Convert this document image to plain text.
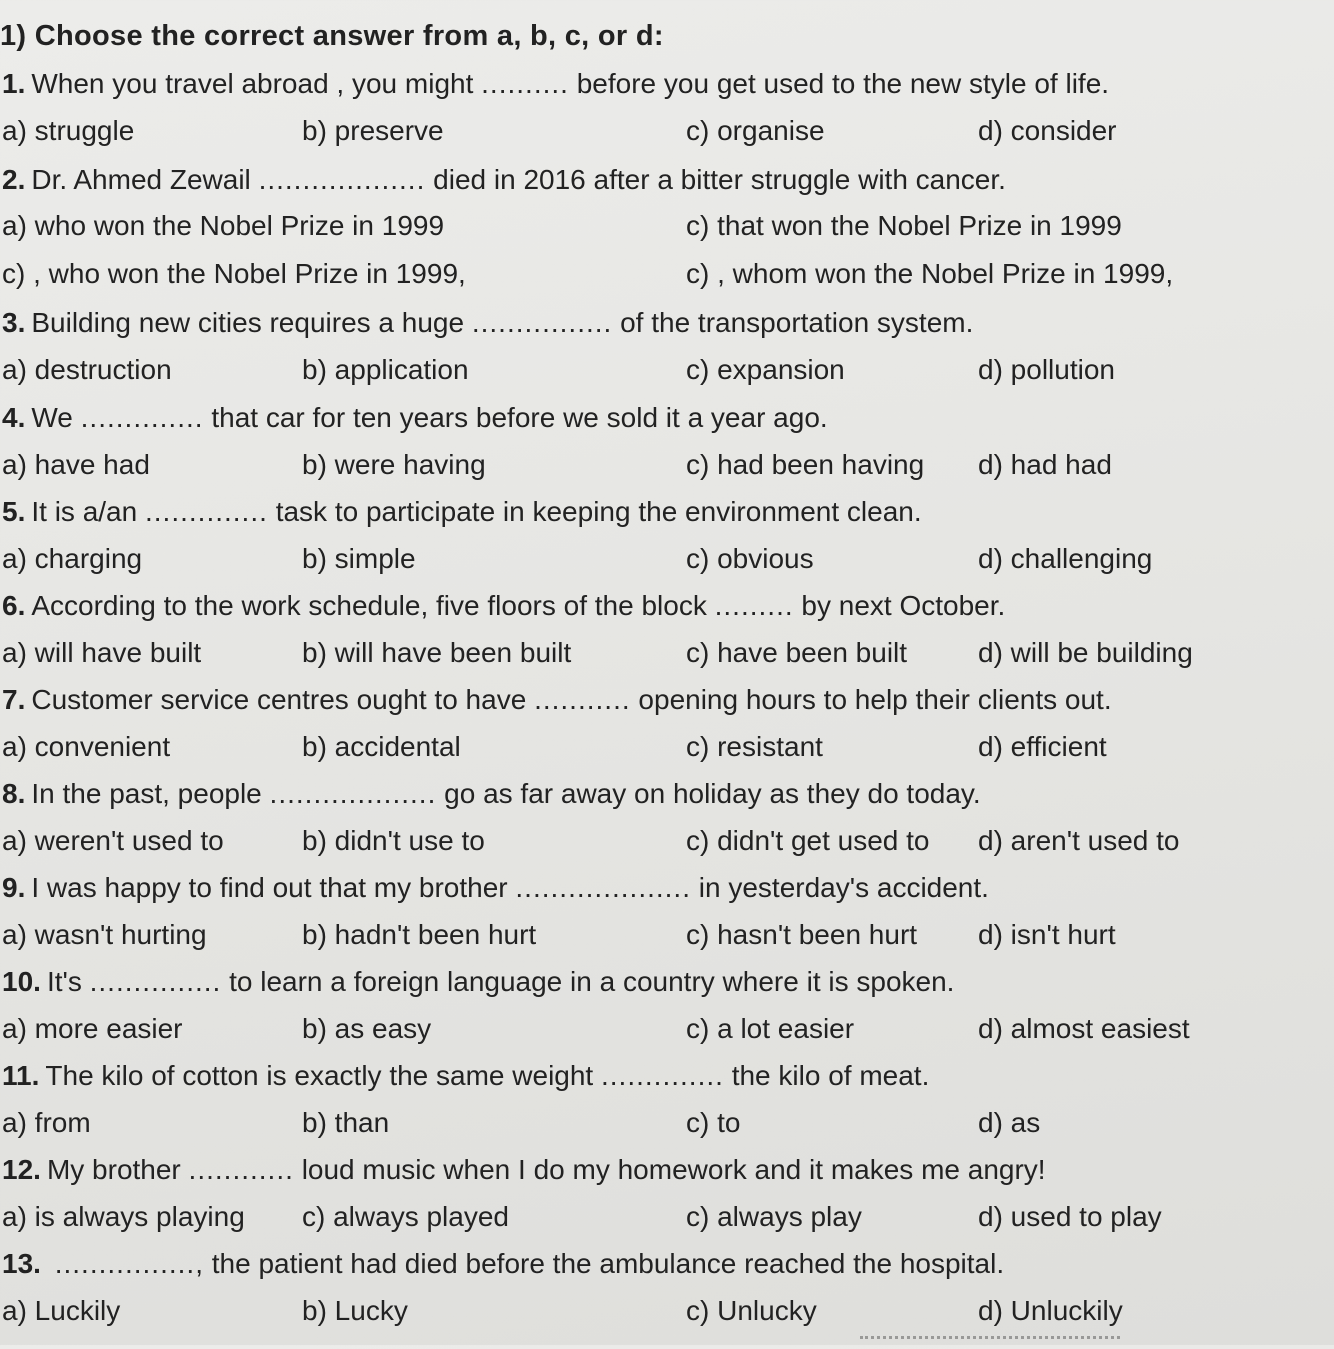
1) Choose the correct answer from a, b, c, or d:
1. When you travel abroad , you might .......... before you get used to the new style of life.
a) struggle	b) preserve	c) organise	d) consider
2. Dr. Ahmed Zewail ................... died in 2016 after a bitter struggle with cancer.
a) who won the Nobel Prize in 1999	c) that won the Nobel Prize in 1999
c) , who won the Nobel Prize in 1999,	c) , whom won the Nobel Prize in 1999,
3. Building new cities requires a huge ................ of the transportation system.
a) destruction	b) application	c) expansion	d) pollution
4. We .............. that car for ten years before we sold it a year ago.
a) have had	b) were having	c) had been having d) had had
5. It is a/an .............. task to participate in keeping the environment clean.
a) charging	b) simple	c) obvious	d) challenging
6. According to the work schedule, five floors of the block ......... by next October.
a) will have built	b) will have been built	c) have been built	d) will be building
7. Customer service centres ought to have ........... opening hours to help their clients out.
a) convenient	b) accidental	c) resistant	d) efficient
8. In the past, people ................... go as far away on holiday as they do today.
a) weren't used to	b) didn't use to	c) didn't get used to d) aren't used to
9. I was happy to find out that my brother .................... in yesterday's accident.
a) wasn't hurting	b) hadn't been hurt	c) hasn't been hurt d) isn't hurt
10. It's ............... to learn a foreign language in a country where it is spoken.
a) more easier	b) as easy	c) a lot easier	d) almost easiest
11. The kilo of cotton is exactly the same weight .............. the kilo of meat.
a) from	b) than	c) to	d) as
12. My brother ............ loud music when I do my homework and it makes me angry!
a) is always playing c) always played	c) always play	d) used to play
13. ................, the patient had died before the ambulance reached the hospital.
a) Luckily	b) Lucky	c) Unlucky	d) Unluckily
